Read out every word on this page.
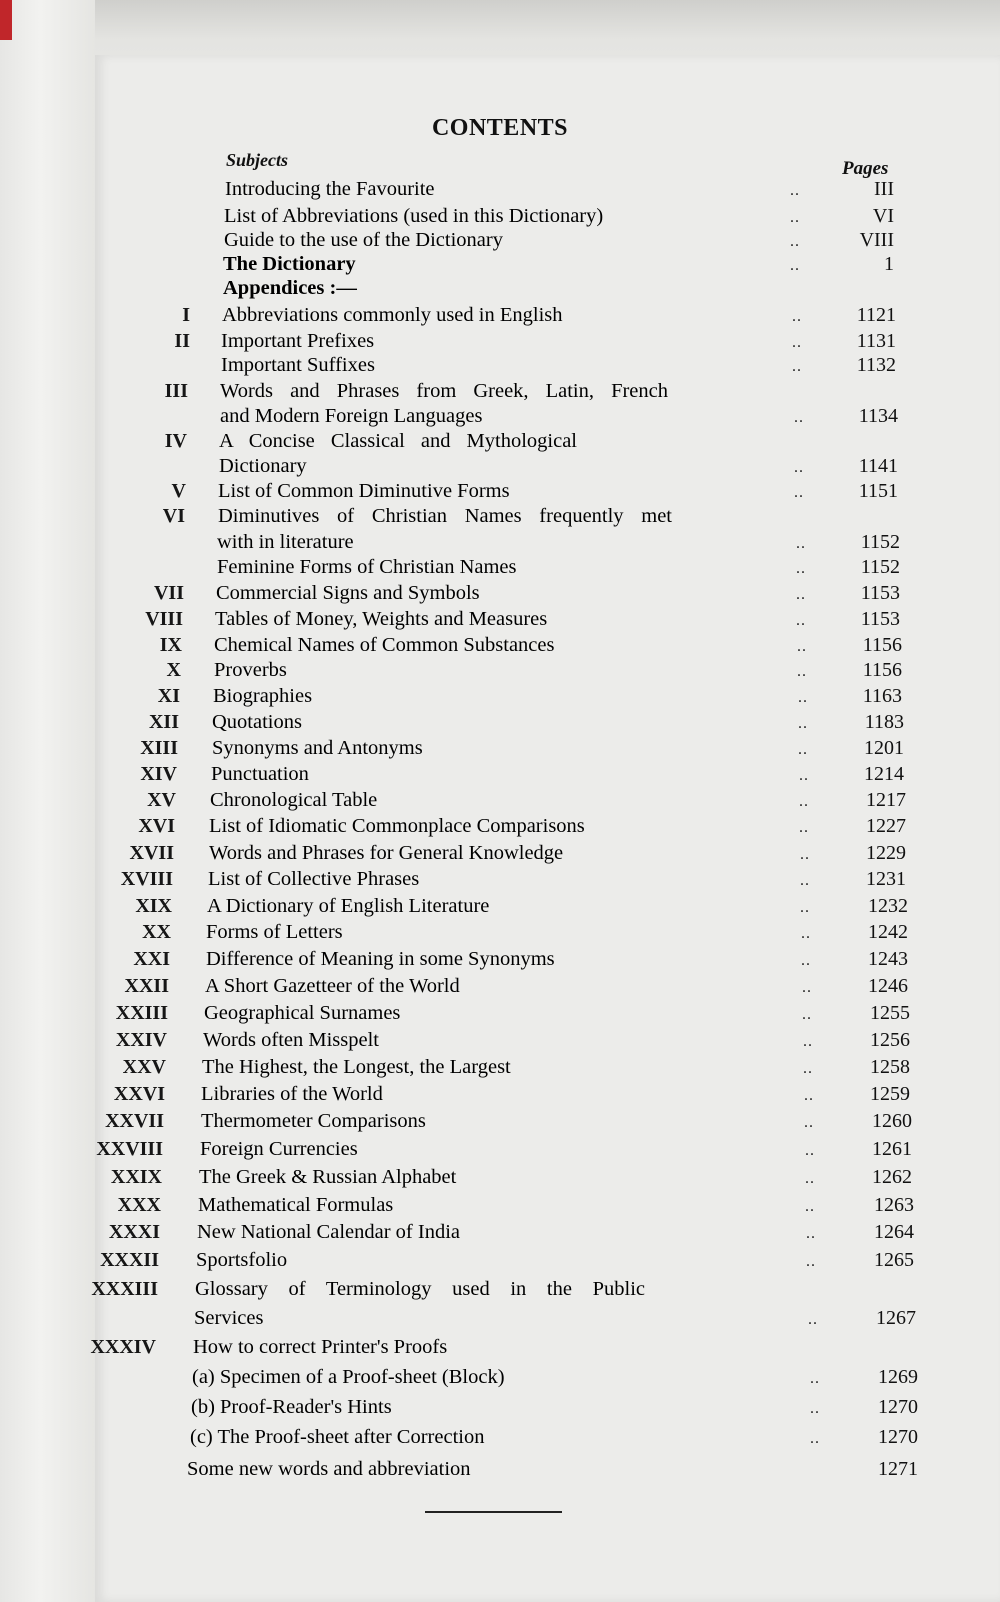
CONTENTS
Subjects	Pages
Introducing the Favourite	..	III
List of Abbreviations (used in this Dictionary)	..	VI
Guide to the use of the Dictionary	..	VIII
The Dictionary	..	1
Appendices :—
I Abbreviations commonly used in English	..	1121
II Important Prefixes	..	1131
Important Suffixes	..	1132
III Words and Phrases from Greek, Latin, French
and Modern Foreign Languages	..	1134
IV A Concise Classical and Mythological
Dictionary	..	1141
V List of Common Diminutive Forms	..	1151
VI Diminutives of Christian Names frequently met
with in literature	..	1152
Feminine Forms of Christian Names	..	1152
VII Commercial Signs and Symbols	..	1153
VIII Tables of Money, Weights and Measures	..	1153
IX Chemical Names of Common Substances	..	1156
X Proverbs	..	1156
XI Biographies	..	1163
XII Quotations	..	1183
XIII Synonyms and Antonyms	..	1201
XIV Punctuation	..	1214
XV Chronological Table	..	1217
XVI List of Idiomatic Commonplace Comparisons	..	1227
XVII Words and Phrases for General Knowledge	..	1229
XVIII List of Collective Phrases	..	1231
XIX A Dictionary of English Literature	..	1232
XX Forms of Letters	..	1242
XXI Difference of Meaning in some Synonyms	..	1243
XXII A Short Gazetteer of the World	..	1246
XXIII Geographical Surnames	..	1255
XXIV Words often Misspelt	..	1256
XXV The Highest, the Longest, the Largest	..	1258
XXVI Libraries of the World	..	1259
XXVII Thermometer Comparisons	..	1260
XXVIII Foreign Currencies	..	1261
XXIX The Greek & Russian Alphabet	..	1262
XXX Mathematical Formulas	..	1263
XXXI New National Calendar of India	..	1264
XXXII Sportsfolio	..	1265
XXXIII Glossary of Terminology used in the Public
Services	..	1267
XXXIV How to correct Printer's Proofs
(a) Specimen of a Proof-sheet (Block)	..	1269
(b) Proof-Reader's Hints	..	1270
(c) The Proof-sheet after Correction	..	1270
Some new words and abbreviation	1271
